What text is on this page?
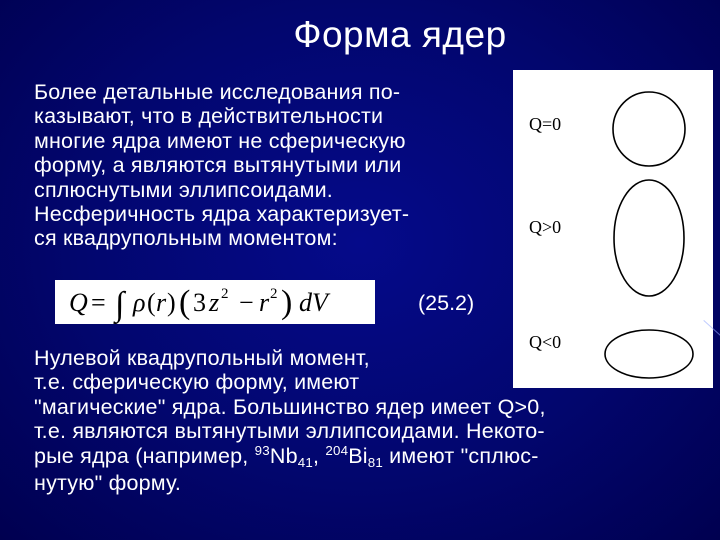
Форма ядер

Более детальные исследования по-
казывают, что в действительности
многие ядра имеют не сферическую
форму, а являются вытянутыми или
сплюснутыми эллипсоидами.
Несферичность ядра характеризует-
ся квадрупольным моментом:

Q = ∫ ρ ( r ) ( 3 z 2 − r 2 ) dV	(25.2)
Q=0
Q>0
Q<0

Нулевой квадрупольный момент,
т.е. сферическую форму, имеют
"магические" ядра. Большинство ядер имеет Q>0,
т.е. являются вытянутыми эллипсоидами. Некото-
рые ядра (например, $^{93}Nb_{41}$, $^{204}Bi_{81}$ имеют "сплюс-
нутую" форму.
